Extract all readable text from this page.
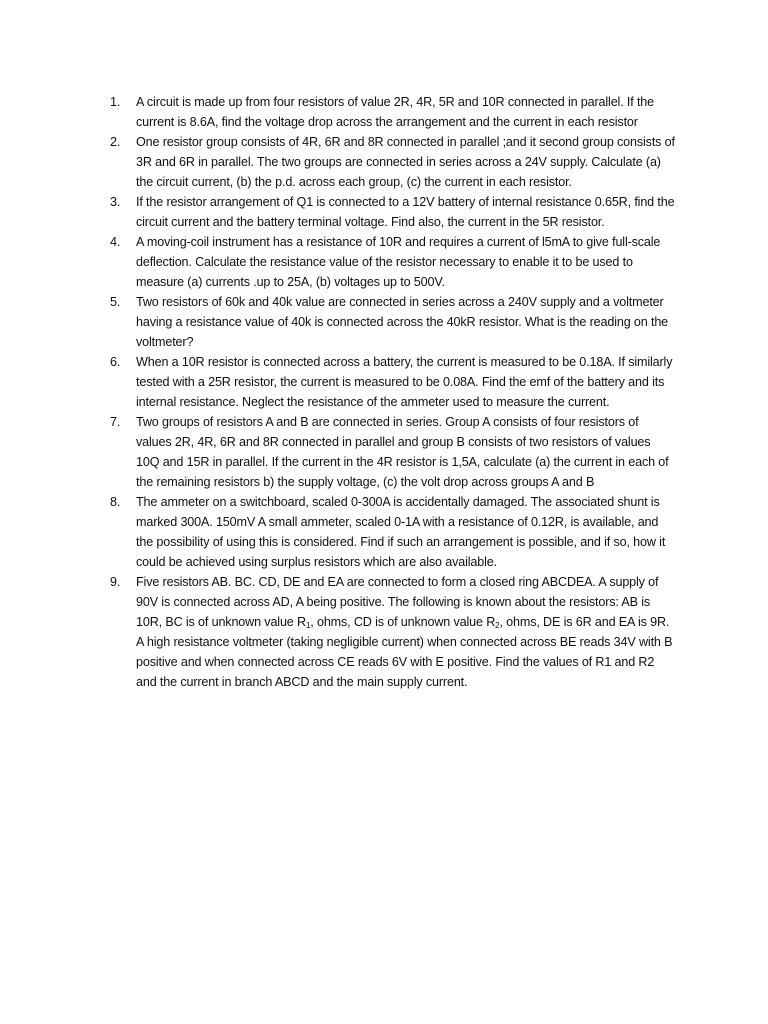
1.	A circuit is made up from four resistors of value 2R, 4R, 5R and 10R connected in parallel. If the current is 8.6A, find the voltage drop across the arrangement and the current in each resistor
2.	One resistor group consists of 4R, 6R and 8R connected in parallel ;and it second group consists of 3R and 6R in parallel. The two groups are connected in series across a 24V supply. Calculate (a) the circuit current, (b) the p.d. across each group, (c) the current in each resistor.
3.	If the resistor arrangement of Q1 is connected to a 12V battery of internal resistance 0.65R, find the circuit current and the battery terminal voltage. Find also, the current in the 5R resistor.
4.	A moving-coil instrument has a resistance of 10R and requires a current of l5mA to give full-scale deflection. Calculate the resistance value of the resistor necessary to enable it to be used to measure (a) currents .up to 25A, (b) voltages up to 500V.
5.	Two resistors of 60k and 40k value are connected in series across a 240V supply and a voltmeter having a resistance value of 40k is connected across the 40kR resistor. What is the reading on the voltmeter?
6.	When a 10R resistor is connected across a battery, the current is measured to be 0.18A. If similarly tested with a 25R resistor, the current is measured to be 0.08A. Find the emf of the battery and its internal resistance. Neglect the resistance of the ammeter used to measure the current.
7.	Two groups of resistors A and B are connected in series. Group A consists of four resistors of values 2R, 4R, 6R and 8R connected in parallel and group B consists of two resistors of values 10Q and 15R in parallel. If the current in the 4R resistor is 1,5A, calculate (a) the current in each of the remaining resistors b) the supply voltage, (c) the volt drop across groups A and B
8.	The ammeter on a switchboard, scaled 0-300A is accidentally damaged. The associated shunt is marked 300A. 150mV A small ammeter, scaled 0-1A with a resistance of 0.12R, is available, and the possibility of using this is considered. Find if such an arrangement is possible, and if so, how it could be achieved using surplus resistors which are also available.
9.	Five resistors AB. BC. CD, DE and EA are connected to form a closed ring ABCDEA. A supply of 90V is connected across AD, A being positive. The following is known about the resistors: AB is 10R, BC is of unknown value $R_1$, ohms, CD is of unknown value $R_2$, ohms, DE is 6R and EA is 9R. A high resistance voltmeter (taking negligible current) when connected across BE reads 34V with B positive and when connected across CE reads 6V with E positive. Find the values of R1 and R2 and the current in branch ABCD and the main supply current.
